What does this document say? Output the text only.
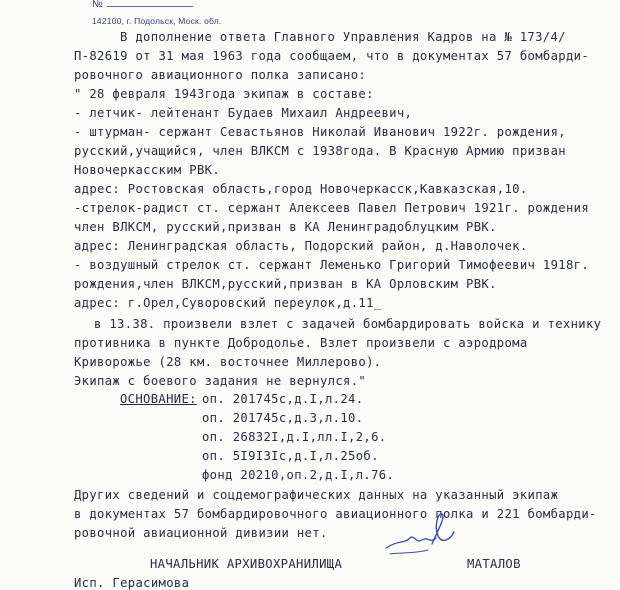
№
142100, г. Подольск, Моск. обл.
В дополнение ответа Главного Управления Кадров на № 173/4/
П-82619 от 31 мая 1963 года сообщаем, что в документах 57 бомбарди-
ровочного авиационного полка записано:
" 28 февраля 1943года экипаж в составе:
- летчик- лейтенант Будаев Михаил Андреевич,
- штурман- сержант Севастьянов Николай Иванович 1922г. рождения,
русский,учащийся, член ВЛКСМ с 1938года. В Красную Армию призван
Новочеркасским РВК.
адрес: Ростовская область,город Новочеркасск,Кавказская,10.
-стрелок-радист ст. сержант Алексеев Павел Петрович 1921г. рождения
член ВЛКСМ, русский,призван в КА Ленинградоблуцким РВК.
адрес: Ленинградская область, Подорский район, д.Наволочек.
- воздушный стрелок ст. сержант Леменько Григорий Тимофеевич 1918г.
рождения,член ВЛКСМ,русский,призван в КА Орловским РВК.
адрес: г.Орел,Суворовский переулок,д.11_
в 13.38. произвели взлет с задачей бомбардировать войска и технику
противника в пункте Добродолье. Взлет произвели с аэродрома
Криворожье (28 км. восточнее Миллерово).
Экипаж с боевого задания не вернулся."
ОСНОВАНИЕ: оп. 201745с,д.I,л.24.
оп. 201745с,д.3,л.10.
оп. 26832I,д.I,лл.I,2,6.
оп. 5I9I3Iс,д.I,л.25об.
фонд 20210,оп.2,д.I,л.76.
Других сведений и соцдемографических данных на указанный экипаж
в документах 57 бомбардировочного авиационного полка и 221 бомбарди-
ровочной авиационной дивизии нет.
НАЧАЛЬНИК АРХИВОХРАНИЛИЩА	МАТАЛОВ
Исп. Герасимова
